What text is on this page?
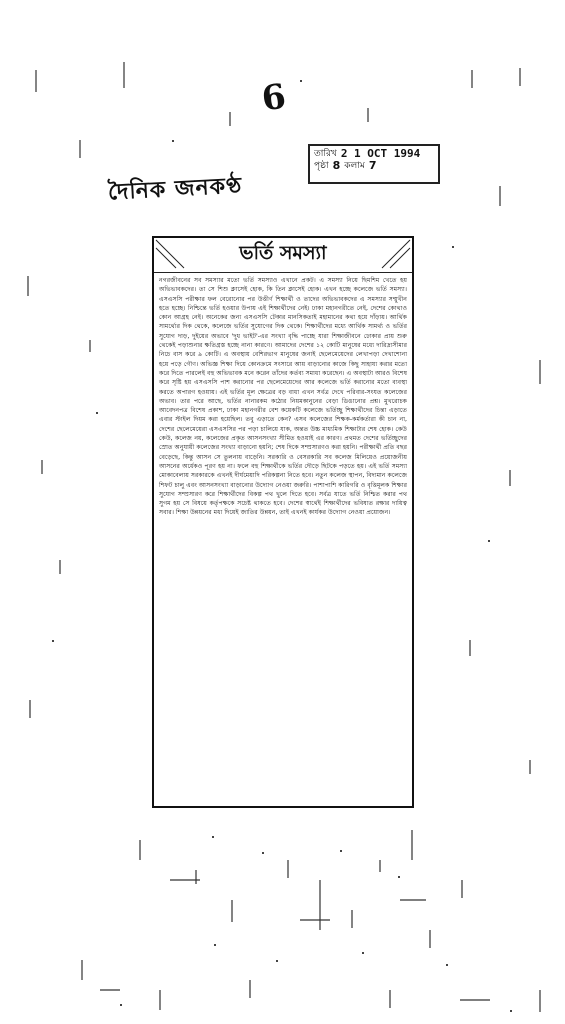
6
দৈনিক জনকণ্ঠ
তারিখ 2 1 OCT 1994
পৃষ্ঠা 8 কলাম 7
ভর্তি সমস্যা
নগরজীবনের সব সমস্যার মতো ভর্তি সমস্যাও এখানে প্রকট। এ সমস্যা নিয়ে ছিমশিম খেতে হয় অভিভাবকদের। তা সে শিশু ক্লাসেই হোক, কি তিন ক্লাসেই হোক। এখন হচ্ছে কলেজে ভর্তি সমস্যা। এসএসসি পরীক্ষার ফল বেরোনোর পর উত্তীর্ণ শিক্ষার্থী ও তাদের অভিভাবকদের এ সমস্যার সম্মুখীন হতে হচ্ছে। নিশ্চিন্তে ভর্তি হওয়ার উপায় এই শিক্ষার্থীদের নেই। ঢাকা মহানগরীতে নেই, দেশের কোথাও কোন আগ্রহ নেই। অনেকের জন্য এসএসসি টেকার মানসিকতাই মহামানের কথা হয়ে দাঁড়ায়। আর্থিক সামর্থ্যের দিক থেকে, কলেজে ভর্তির সুযোগের দিক থেকে। শিক্ষার্থীদের মধ্যে আর্থিক সামর্থ্য ও ভর্তির সুযোগ দাড়, দুইয়ের অভাবে 'দুধ ভাইট'-এর সংখ্যা বৃদ্ধি পাচ্ছে যারা শিক্ষাজীবনে ঢোকার প্রায় শুরু থেকেই পড়াশুনার ক্ষতিগ্রস্ত হচ্ছে নানা কারণে। আমাদের দেশের ১২ কোটি মানুষের মধ্যে দারিদ্র্যসীমার নিচে বাস করে ৯ কোটি। এ অবস্থায় বেশিরভাগ মানুষের জন্যই ছেলেমেয়েদের লেখাপড়া দেখাশোনা হয়ে পড়ে গৌণ। অভিজ্ঞ শিক্ষা দিয়ে কোনক্রমে সংসারে আয় বাড়ানোর কাজে কিছু সাহায্য করার মতো করে দিতে পারলেই বহু অভিভাবক মনে করেন তাঁদের কর্তব্য সমাধা করেছেন। এ অবস্থাটা আরও বিশেষ করে সৃষ্টি হয় এসএসসি পাশ করানোর পর ছেলেমেয়েদের আর কলেজে ভর্তি করানোর মতো ব্যবস্থা করতে অপারগ হওয়ায়। এই ভর্তির মূল ক্ষেত্রের বড় বাধা এখন সর্বত্র দেখে পরিবার-সংযত কলেজের অভাব। তার পরে আছে, ভর্তির নানারকম কঠোর নিয়মকানুনের বেড়া ডিঙানোর প্রশ্ন। মুখরোচক আবেদনপত্র বিশেষ প্রকাশ, ঢাকা মহানগরীর বেশ কয়েকটি কলেজে ভর্তিচ্ছু শিক্ষার্থীদের চিন্তা এড়াতে এবার স্টাইল দিয়ম করা হয়েছিল। তবু এড়াতে কেন? এসব কলেজের শিক্ষক-কর্মকর্তারা কী চান না, দেশের ছেলেমেয়েরা এসএসসির পর পড়া চালিয়ে যাক, অন্তত উচ্চ মাধ্যমিক শিক্ষাটার শেষ হোক। কেউ কেউ, কলেজ নয়, কলেজের প্রকৃত আসনসংখ্যা সীমিত হওয়াই এর কারণ। প্রথমত দেশের ভর্তিচ্ছুদের স্রোত অনুযায়ী কলেজের সংখ্যা বাড়ানো হয়নি; শেষ দিকে সম্প্রসারণও করা হয়নি। পরীক্ষার্থী প্রতি বছর বেড়েছে, কিন্তু আসন সে তুলনায় বাড়েনি। সরকারি ও বেসরকারি সব কলেজ মিলিয়েও প্রয়োজনীয় আসনের অর্ধেকও পূরণ হয় না। ফলে বহু শিক্ষার্থীকে ভর্তির দৌড়ে ছিটকে পড়তে হয়। এই ভর্তি সমস্যা মোকাবেলায় সরকারকে এখনই দীর্ঘমেয়াদি পরিকল্পনা নিতে হবে। নতুন কলেজ স্থাপন, বিদ্যমান কলেজে শিফট চালু এবং আসনসংখ্যা বাড়ানোর উদ্যোগ নেওয়া জরুরি। পাশাপাশি কারিগরি ও বৃত্তিমূলক শিক্ষার সুযোগ সম্প্রসারণ করে শিক্ষার্থীদের বিকল্প পথ খুলে দিতে হবে। সর্বত্র যাতে ভর্তি নিশ্চিত করার পথ সুগম হয় সে বিষয়ে কর্তৃপক্ষকে সচেষ্ট থাকতে হবে। দেশের স্বার্থেই শিক্ষার্থীদের ভবিষ্যত রক্ষার দায়িত্ব সবার। শিক্ষা উন্নয়নের মধ্য দিয়েই জাতির উন্নয়ন, তাই এখনই কার্যকর উদ্যোগ নেওয়া প্রয়োজন।
